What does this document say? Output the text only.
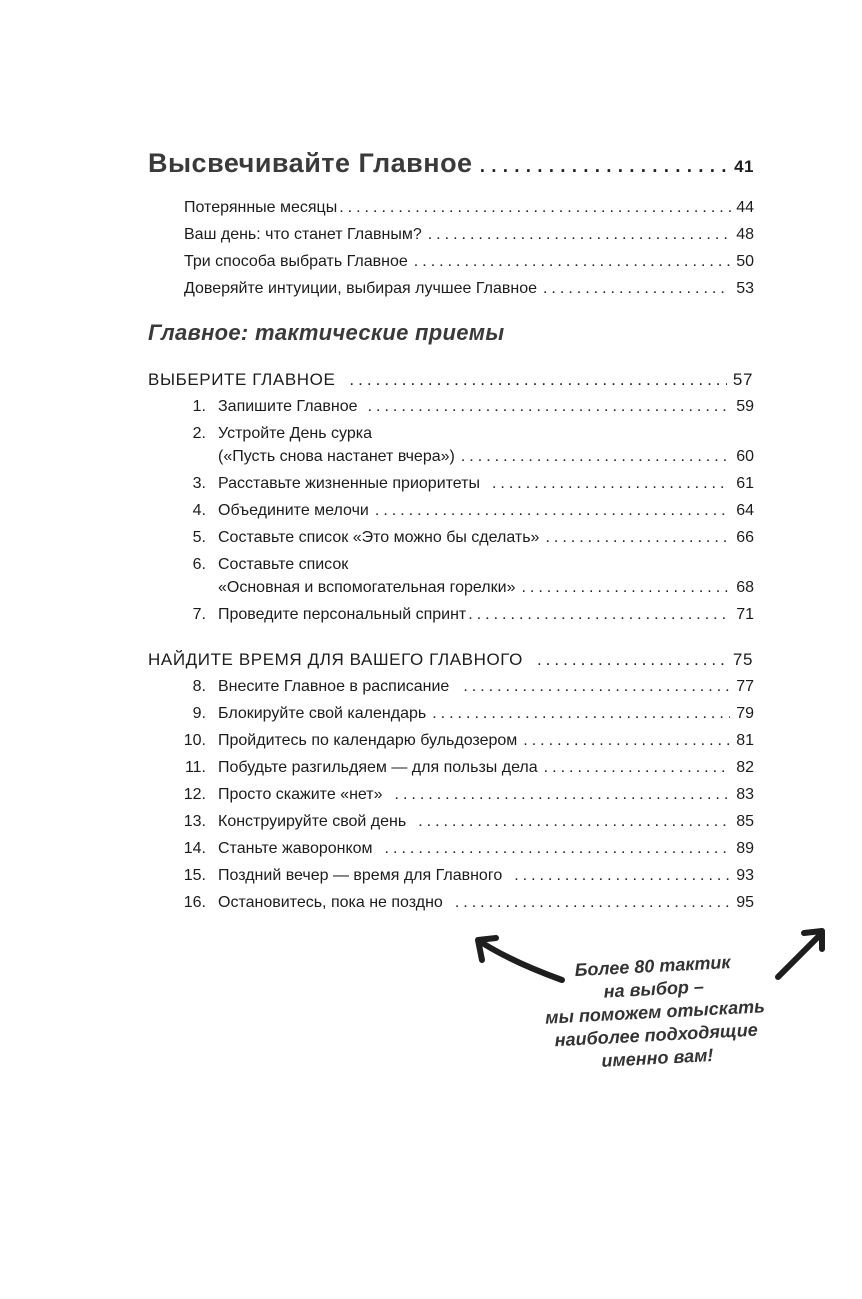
Высвечивайте Главное .....	41
Потерянные месяцы .....	44
Ваш день: что станет Главным? .....	48
Три способа выбрать Главное .....	50
Доверяйте интуиции, выбирая лучшее Главное .....	53
Главное: тактические приемы
ВЫБЕРИТЕ ГЛАВНОЕ .....	57
1. Запишите Главное .....	59
2. Устройте День сурка
(«Пусть снова настанет вчера») .....	60
3. Расставьте жизненные приоритеты .....	61
4. Объедините мелочи .....	64
5. Составьте список «Это можно бы сделать» .....	66
6. Составьте список
«Основная и вспомогательная горелки» .....	68
7. Проведите персональный спринт .....	71
НАЙДИТЕ ВРЕМЯ ДЛЯ ВАШЕГО ГЛАВНОГО .....	75
8. Внесите Главное в расписание .....	77
9. Блокируйте свой календарь .....	79
10. Пройдитесь по календарю бульдозером .....	81
11. Побудьте разгильдяем — для пользы дела .....	82
12. Просто скажите «нет» .....	83
13. Конструируйте свой день .....	85
14. Станьте жаворонком .....	89
15. Поздний вечер — время для Главного .....	93
16. Остановитесь, пока не поздно .....	95
Более 80 тактик
на выбор –
мы поможем отыскать
наиболее подходящие
именно вам!
